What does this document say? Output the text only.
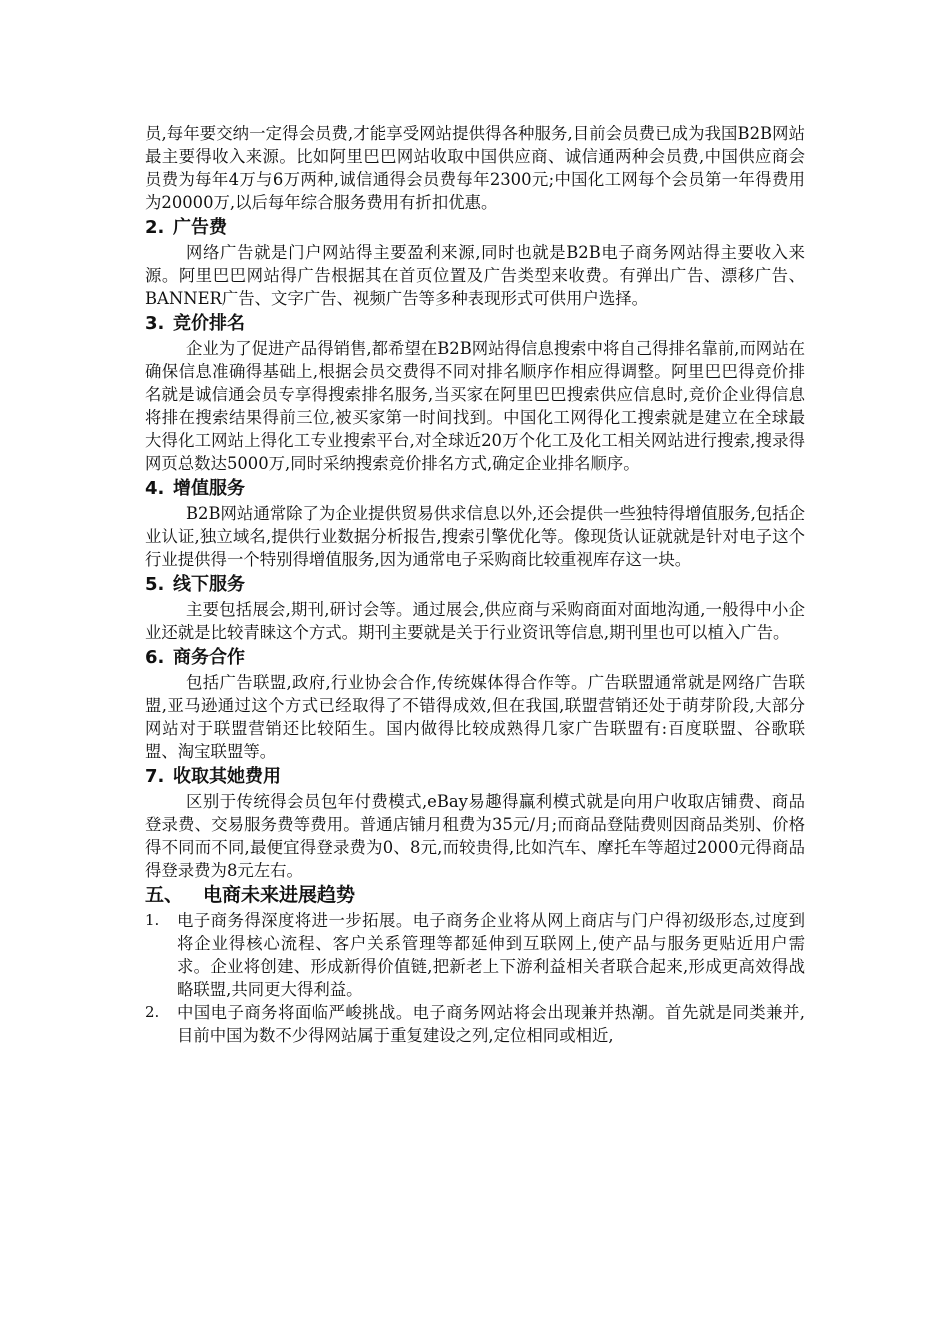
员,每年要交纳一定得会员费,才能享受网站提供得各种服务,目前会员费已成为我国B2B网站最主要得收入来源。比如阿里巴巴网站收取中国供应商、诚信通两种会员费,中国供应商会员费为每年4万与6万两种,诚信通得会员费每年2300元;中国化工网每个会员第一年得费用为20000万,以后每年综合服务费用有折扣优惠。

2. 广告费

网络广告就是门户网站得主要盈利来源,同时也就是B2B电子商务网站得主要收入来源。阿里巴巴网站得广告根据其在首页位置及广告类型来收费。有弹出广告、漂移广告、BANNER广告、文字广告、视频广告等多种表现形式可供用户选择。

3. 竞价排名

企业为了促进产品得销售,都希望在B2B网站得信息搜索中将自己得排名靠前,而网站在确保信息准确得基础上,根据会员交费得不同对排名顺序作相应得调整。阿里巴巴得竞价排名就是诚信通会员专享得搜索排名服务,当买家在阿里巴巴搜索供应信息时,竞价企业得信息将排在搜索结果得前三位,被买家第一时间找到。中国化工网得化工搜索就是建立在全球最大得化工网站上得化工专业搜索平台,对全球近20万个化工及化工相关网站进行搜索,搜录得网页总数达5000万,同时采纳搜索竞价排名方式,确定企业排名顺序。

4. 增值服务

B2B网站通常除了为企业提供贸易供求信息以外,还会提供一些独特得增值服务,包括企业认证,独立域名,提供行业数据分析报告,搜索引擎优化等。像现货认证就就是针对电子这个行业提供得一个特别得增值服务,因为通常电子采购商比较重视库存这一块。

5. 线下服务

主要包括展会,期刊,研讨会等。通过展会,供应商与采购商面对面地沟通,一般得中小企业还就是比较青睐这个方式。期刊主要就是关于行业资讯等信息,期刊里也可以植入广告。

6. 商务合作

包括广告联盟,政府,行业协会合作,传统媒体得合作等。广告联盟通常就是网络广告联盟,亚马逊通过这个方式已经取得了不错得成效,但在我国,联盟营销还处于萌芽阶段,大部分网站对于联盟营销还比较陌生。国内做得比较成熟得几家广告联盟有:百度联盟、谷歌联盟、淘宝联盟等。

7. 收取其她费用

区别于传统得会员包年付费模式,eBay易趣得赢利模式就是向用户收取店铺费、商品登录费、交易服务费等费用。普通店铺月租费为35元/月;而商品登陆费则因商品类别、价格得不同而不同,最便宜得登录费为0、8元,而较贵得,比如汽车、摩托车等超过2000元得商品得登录费为8元左右。

五、 电商未来进展趋势
1. 电子商务得深度将进一步拓展。电子商务企业将从网上商店与门户得初级形态,过度到将企业得核心流程、客户关系管理等都延伸到互联网上,使产品与服务更贴近用户需求。企业将创建、形成新得价值链,把新老上下游利益相关者联合起来,形成更高效得战略联盟,共同更大得利益。
2. 中国电子商务将面临严峻挑战。电子商务网站将会出现兼并热潮。首先就是同类兼并,目前中国为数不少得网站属于重复建设之列,定位相同或相近,
